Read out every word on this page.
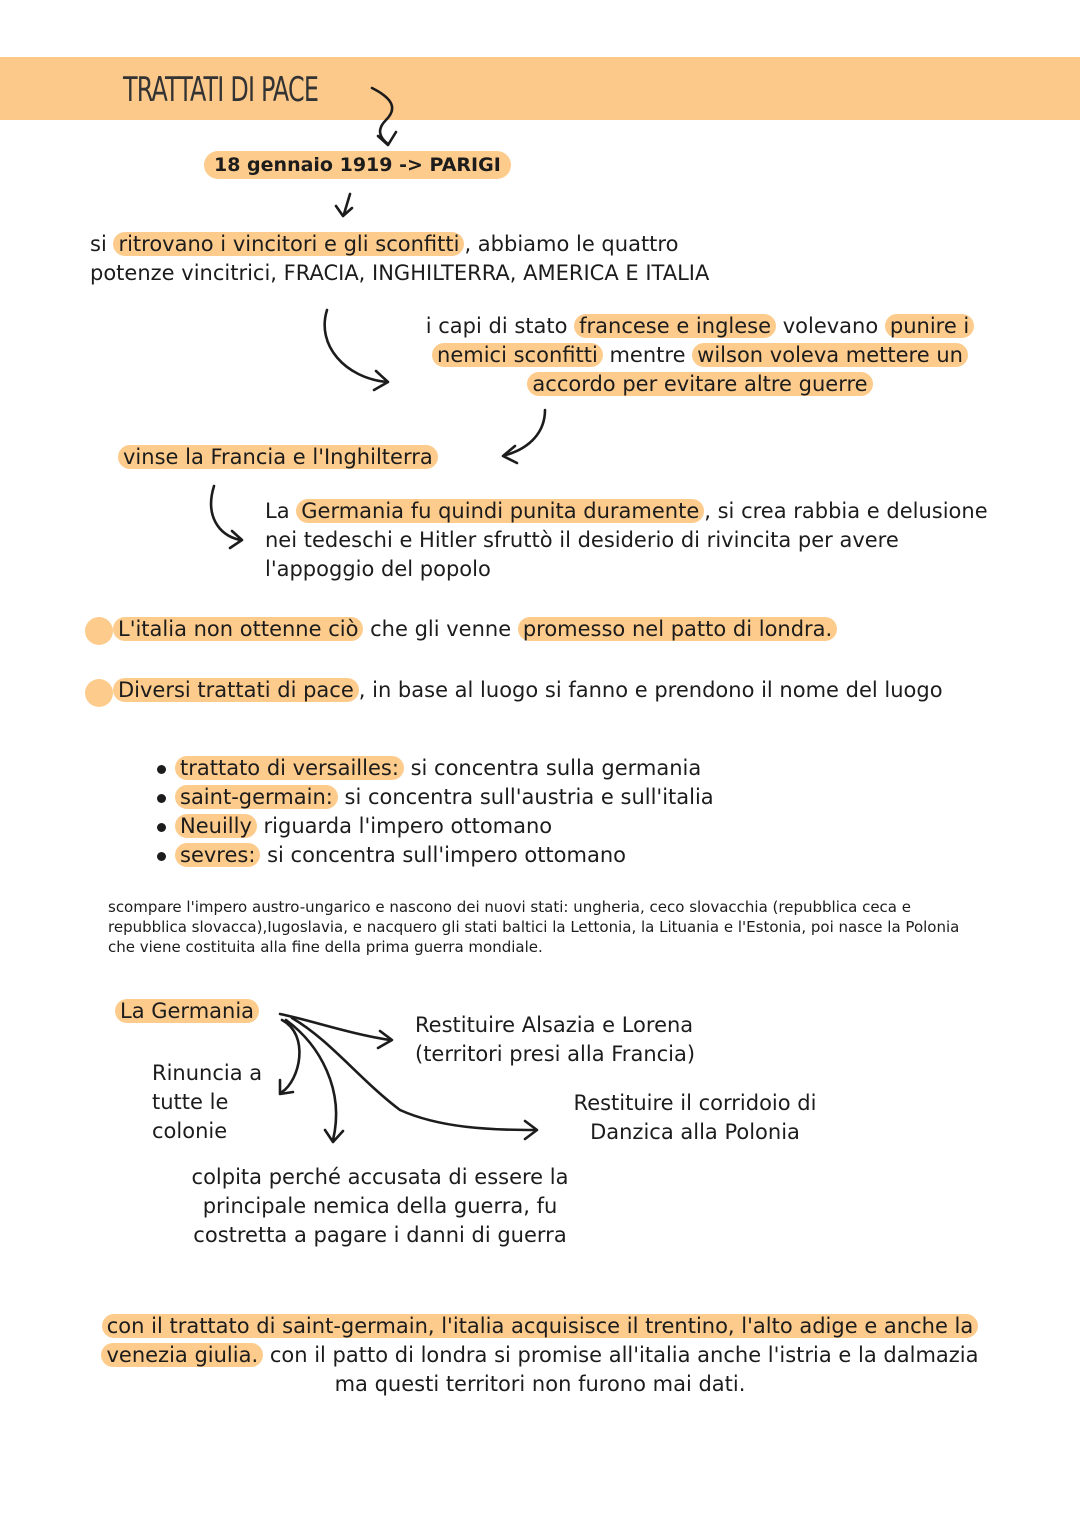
TRATTATI DI PACE
18 gennaio 1919 -> PARIGI
si ritrovano i vincitori e gli sconfitti , abbiamo le quattro
potenze vincitrici, FRACIA, INGHILTERRA, AMERICA E ITALIA
i capi di stato francese e inglese volevano punire i nemici sconfitti mentre wilson voleva mettere un accordo per evitare altre guerre
vinse la Francia e l'Inghilterra
La Germania fu quindi punita duramente , si crea rabbia e delusione nei tedeschi e Hitler sfruttò il desiderio di rivincita per avere l'appoggio del popolo
L'italia non ottenne ciò che gli venne promesso nel patto di londra.
Diversi trattati di pace , in base al luogo si fanno e prendono il nome del luogo
trattato di versailles: si concentra sulla germania
saint-germain: si concentra sull'austria e sull'italia
Neuilly riguarda l'impero ottomano
sevres: si concentra sull'impero ottomano
scompare l'impero austro-ungarico e nascono dei nuovi stati: ungheria, ceco slovacchia (repubblica ceca e repubblica slovacca),Iugoslavia, e nacquero gli stati baltici la Lettonia, la Lituania e l'Estonia, poi nasce la Polonia che viene costituita alla fine della prima guerra mondiale.
La Germania
Rinuncia a tutte le colonie
Restituire Alsazia e Lorena (territori presi alla Francia)
Restituire il corridoio di Danzica alla Polonia
colpita perché accusata di essere la principale nemica della guerra, fu costretta a pagare i danni di guerra
con il trattato di saint-germain, l'italia acquisisce il trentino, l'alto adige e anche la venezia giulia. con il patto di londra si promise all'italia anche l'istria e la dalmazia ma questi territori non furono mai dati.
